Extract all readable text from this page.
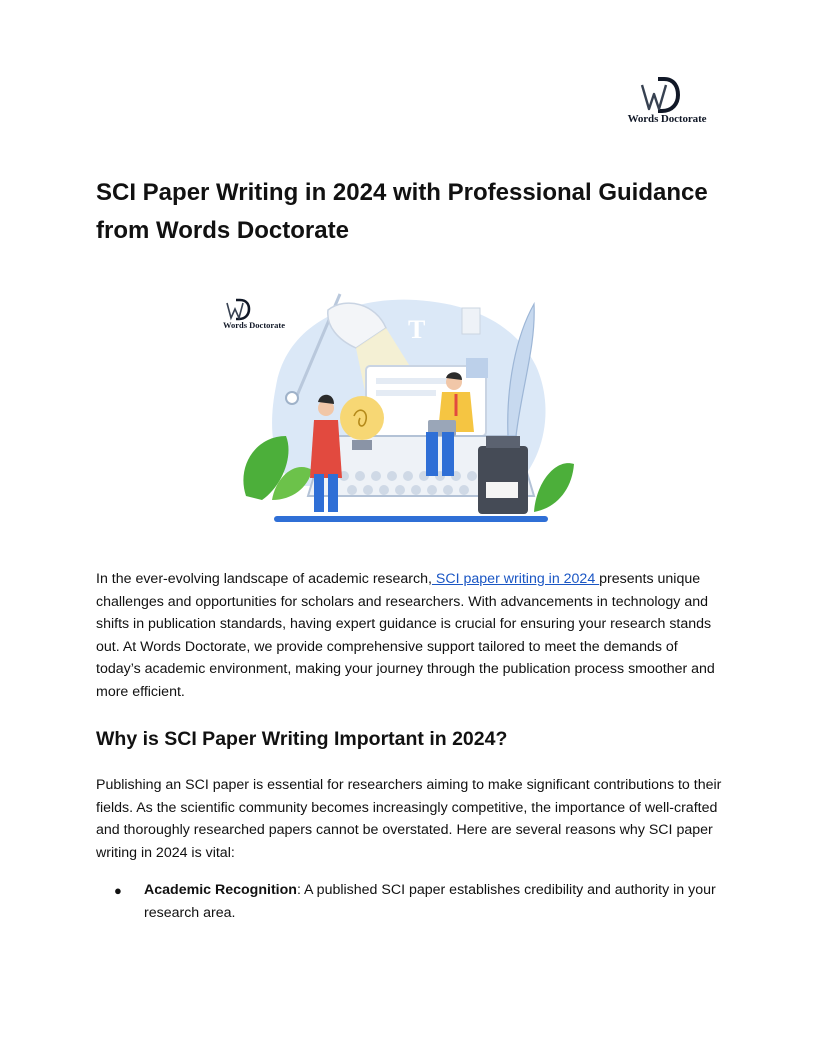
Words Doctorate
SCI Paper Writing in 2024 with Professional Guidance from Words Doctorate
T
Words Doctorate

In the ever-evolving landscape of academic research, SCI paper writing in 2024 presents unique challenges and opportunities for scholars and researchers. With advancements in technology and shifts in publication standards, having expert guidance is crucial for ensuring your research stands out. At Words Doctorate, we provide comprehensive support tailored to meet the demands of today’s academic environment, making your journey through the publication process smoother and more efficient.

Why is SCI Paper Writing Important in 2024?

Publishing an SCI paper is essential for researchers aiming to make significant contributions to their fields. As the scientific community becomes increasingly competitive, the importance of well-crafted and thoroughly researched papers cannot be overstated. Here are several reasons why SCI paper writing in 2024 is vital:

● Academic Recognition: A published SCI paper establishes credibility and authority in your research area.
